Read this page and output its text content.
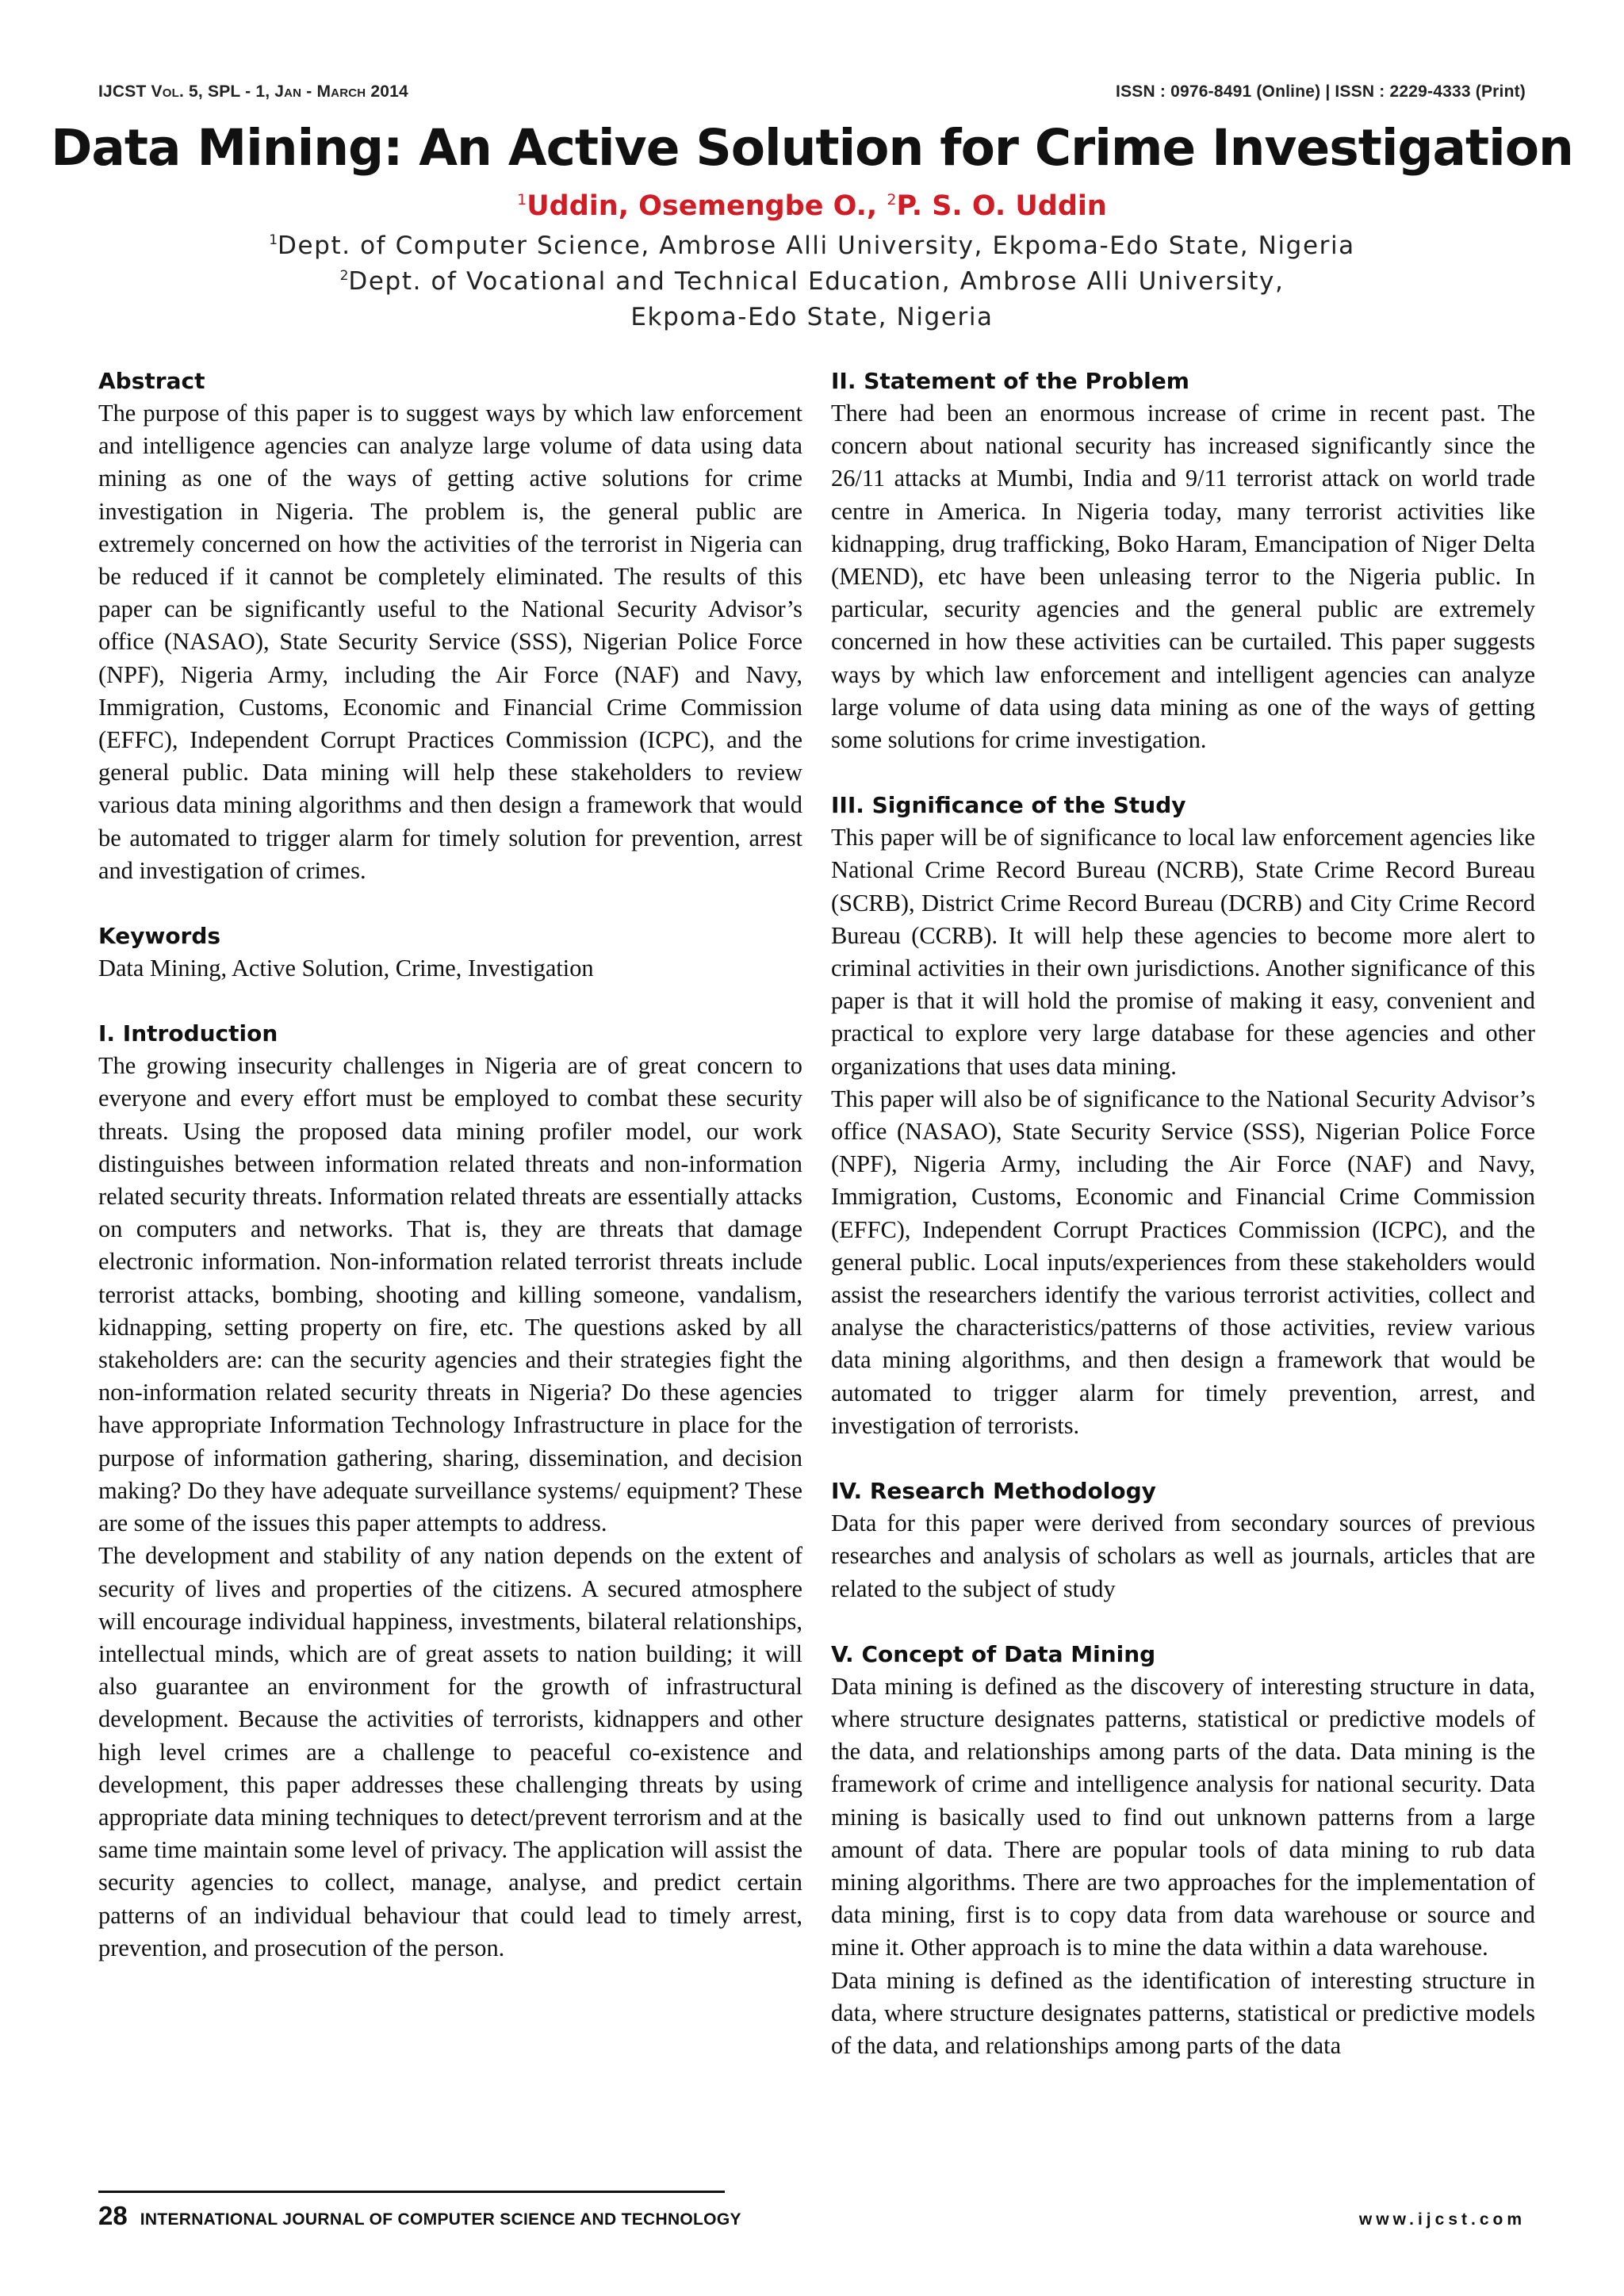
IJCST Vol. 5, SPL - 1, Jan - March 2014	ISSN : 0976-8491 (Online) | ISSN : 2229-4333 (Print)
Data Mining: An Active Solution for Crime Investigation
$^1$Uddin, Osemengbe O., $^2$P. S. O. Uddin
$^1$Dept. of Computer Science, Ambrose Alli University, Ekpoma-Edo State, Nigeria
$^2$Dept. of Vocational and Technical Education, Ambrose Alli University,
Ekpoma-Edo State, Nigeria
Abstract

The purpose of this paper is to suggest ways by which law enforcement and intelligence agencies can analyze large volume of data using data mining as one of the ways of getting active solutions for crime investigation in Nigeria. The problem is, the general public are extremely concerned on how the activities of the terrorist in Nigeria can be reduced if it cannot be completely eliminated. The results of this paper can be significantly useful to the National Security Advisor’s office (NASAO), State Security Service (SSS), Nigerian Police Force (NPF), Nigeria Army, including the Air Force (NAF) and Navy, Immigration, Customs, Economic and Financial Crime Commission (EFFC), Independent Corrupt Practices Commission (ICPC), and the general public. Data mining will help these stakeholders to review various data mining algorithms and then design a framework that would be automated to trigger alarm for timely solution for prevention, arrest and investigation of crimes.

Keywords

Data Mining, Active Solution, Crime, Investigation

I. Introduction

The growing insecurity challenges in Nigeria are of great concern to everyone and every effort must be employed to combat these security threats. Using the proposed data mining profiler model, our work distinguishes between information related threats and non-information related security threats. Information related threats are essentially attacks on computers and networks. That is, they are threats that damage electronic information. Non-information related terrorist threats include terrorist attacks, bombing, shooting and killing someone, vandalism, kidnapping, setting property on fire, etc. The questions asked by all stakeholders are: can the security agencies and their strategies fight the non-information related security threats in Nigeria? Do these agencies have appropriate Information Technology Infrastructure in place for the purpose of information gathering, sharing, dissemination, and decision making? Do they have adequate surveillance systems/ equipment? These are some of the issues this paper attempts to address.

The development and stability of any nation depends on the extent of security of lives and properties of the citizens. A secured atmosphere will encourage individual happiness, investments, bilateral relationships, intellectual minds, which are of great assets to nation building; it will also guarantee an environment for the growth of infrastructural development. Because the activities of terrorists, kidnappers and other high level crimes are a challenge to peaceful co-existence and development, this paper addresses these challenging threats by using appropriate data mining techniques to detect/prevent terrorism and at the same time maintain some level of privacy. The application will assist the security agencies to collect, manage, analyse, and predict certain patterns of an individual behaviour that could lead to timely arrest, prevention, and prosecution of the person.

II. Statement of the Problem

There had been an enormous increase of crime in recent past. The concern about national security has increased significantly since the 26/11 attacks at Mumbi, India and 9/11 terrorist attack on world trade centre in America. In Nigeria today, many terrorist activities like kidnapping, drug trafficking, Boko Haram, Emancipation of Niger Delta (MEND), etc have been unleasing terror to the Nigeria public. In particular, security agencies and the general public are extremely concerned in how these activities can be curtailed. This paper suggests ways by which law enforcement and intelligent agencies can analyze large volume of data using data mining as one of the ways of getting some solutions for crime investigation.

III. Significance of the Study

This paper will be of significance to local law enforcement agencies like National Crime Record Bureau (NCRB), State Crime Record Bureau (SCRB), District Crime Record Bureau (DCRB) and City Crime Record Bureau (CCRB). It will help these agencies to become more alert to criminal activities in their own jurisdictions. Another significance of this paper is that it will hold the promise of making it easy, convenient and practical to explore very large database for these agencies and other organizations that uses data mining.

This paper will also be of significance to the National Security Advisor’s office (NASAO), State Security Service (SSS), Nigerian Police Force (NPF), Nigeria Army, including the Air Force (NAF) and Navy, Immigration, Customs, Economic and Financial Crime Commission (EFFC), Independent Corrupt Practices Commission (ICPC), and the general public. Local inputs/experiences from these stakeholders would assist the researchers identify the various terrorist activities, collect and analyse the characteristics/patterns of those activities, review various data mining algorithms, and then design a framework that would be automated to trigger alarm for timely prevention, arrest, and investigation of terrorists.

IV. Research Methodology

Data for this paper were derived from secondary sources of previous researches and analysis of scholars as well as journals, articles that are related to the subject of study

V. Concept of Data Mining

Data mining is defined as the discovery of interesting structure in data, where structure designates patterns, statistical or predictive models of the data, and relationships among parts of the data. Data mining is the framework of crime and intelligence analysis for national security. Data mining is basically used to find out unknown patterns from a large amount of data. There are popular tools of data mining to rub data mining algorithms. There are two approaches for the implementation of data mining, first is to copy data from data warehouse or source and mine it. Other approach is to mine the data within a data warehouse.

Data mining is defined as the identification of interesting structure in data, where structure designates patterns, statistical or predictive models of the data, and relationships among parts of the data

28 INTERNATIONAL JOURNAL OF COMPUTER SCIENCE AND TECHNOLOGY	www.ijcst.com
